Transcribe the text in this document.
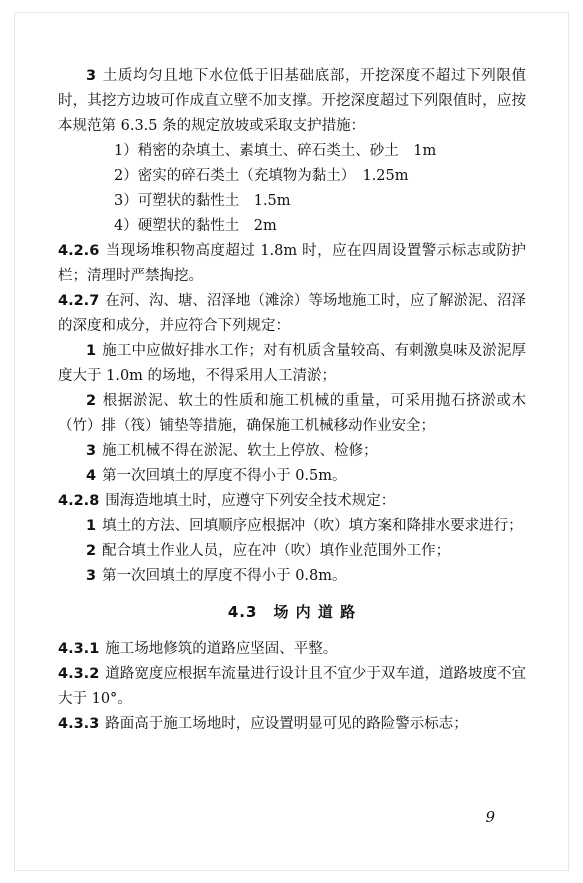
3 土质均匀且地下水位低于旧基础底部，开挖深度不超过下列限值时，其挖方边坡可作成直立壁不加支撑。开挖深度超过下列限值时，应按本规范第 6.3.5 条的规定放坡或采取支护措施：

1）稍密的杂填土、素填土、碎石类土、砂土　1m

2）密实的碎石类土（充填物为黏土）　1.25m

3）可塑状的黏性土　1.5m

4）硬塑状的黏性土　2m

4.2.6 当现场堆积物高度超过 1.8m 时，应在四周设置警示标志或防护栏；清理时严禁掏挖。

4.2.7 在河、沟、塘、沼泽地（滩涂）等场地施工时，应了解淤泥、沼泽的深度和成分，并应符合下列规定：

1 施工中应做好排水工作；对有机质含量较高、有刺激臭味及淤泥厚度大于 1.0m 的场地，不得采用人工清淤；

2 根据淤泥、软土的性质和施工机械的重量，可采用抛石挤淤或木（竹）排（筏）铺垫等措施，确保施工机械移动作业安全；

3 施工机械不得在淤泥、软土上停放、检修；

4 第一次回填土的厚度不得小于 0.5m。

4.2.8 围海造地填土时，应遵守下列安全技术规定：

1 填土的方法、回填顺序应根据冲（吹）填方案和降排水要求进行；

2 配合填土作业人员，应在冲（吹）填作业范围外工作；

3 第一次回填土的厚度不得小于 0.8m。

4.3　场 内 道 路

4.3.1 施工场地修筑的道路应坚固、平整。

4.3.2 道路宽度应根据车流量进行设计且不宜少于双车道，道路坡度不宜大于 10°。

4.3.3 路面高于施工场地时，应设置明显可见的路险警示标志；

9
